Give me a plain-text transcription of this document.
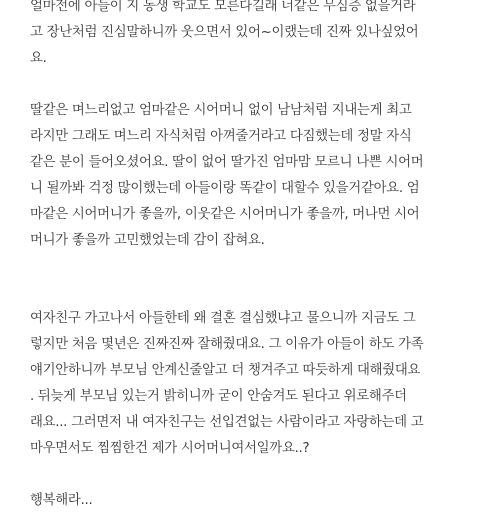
얼마전에 아들이 지 동생 학교도 모른다길래 너같은 무심증 없을거라
고 장난처럼 진심말하니까 웃으면서 있어~이랬는데 진짜 있나싶었어
요.
딸같은 며느리없고 엄마같은 시어머니 없이 남남처럼 지내는게 최고
라지만 그래도 며느리 자식처럼 아껴줄거라고 다짐했는데 정말 자식
같은 분이 들어오셨어요. 딸이 없어 딸가진 엄마맘 모르니 나쁜 시어머
니 될까봐 걱정 많이했는데 아들이랑 똑같이 대할수 있을거같아요. 엄
마같은 시어머니가 좋을까, 이웃같은 시어머니가 좋을까, 머나먼 시어
머니가 좋을까 고민했었는데 감이 잡혀요.
여자친구 가고나서 아들한테 왜 결혼 결심했냐고 물으니까 지금도 그
렇지만 처음 몇년은 진짜진짜 잘해줬대요. 그 이유가 아들이 하도 가족
얘기안하니까 부모님 안계신줄알고 더 챙겨주고 따듯하게 대해줬대요
. 뒤늦게 부모님 있는거 밝히니까 굳이 안숨겨도 된다고 위로해주더
래요... 그러면저 내 여자친구는 선입견없는 사람이라고 자랑하는데 고
마우면서도 찜찜한건 제가 시어머니여서일까요..?
행복해라...
